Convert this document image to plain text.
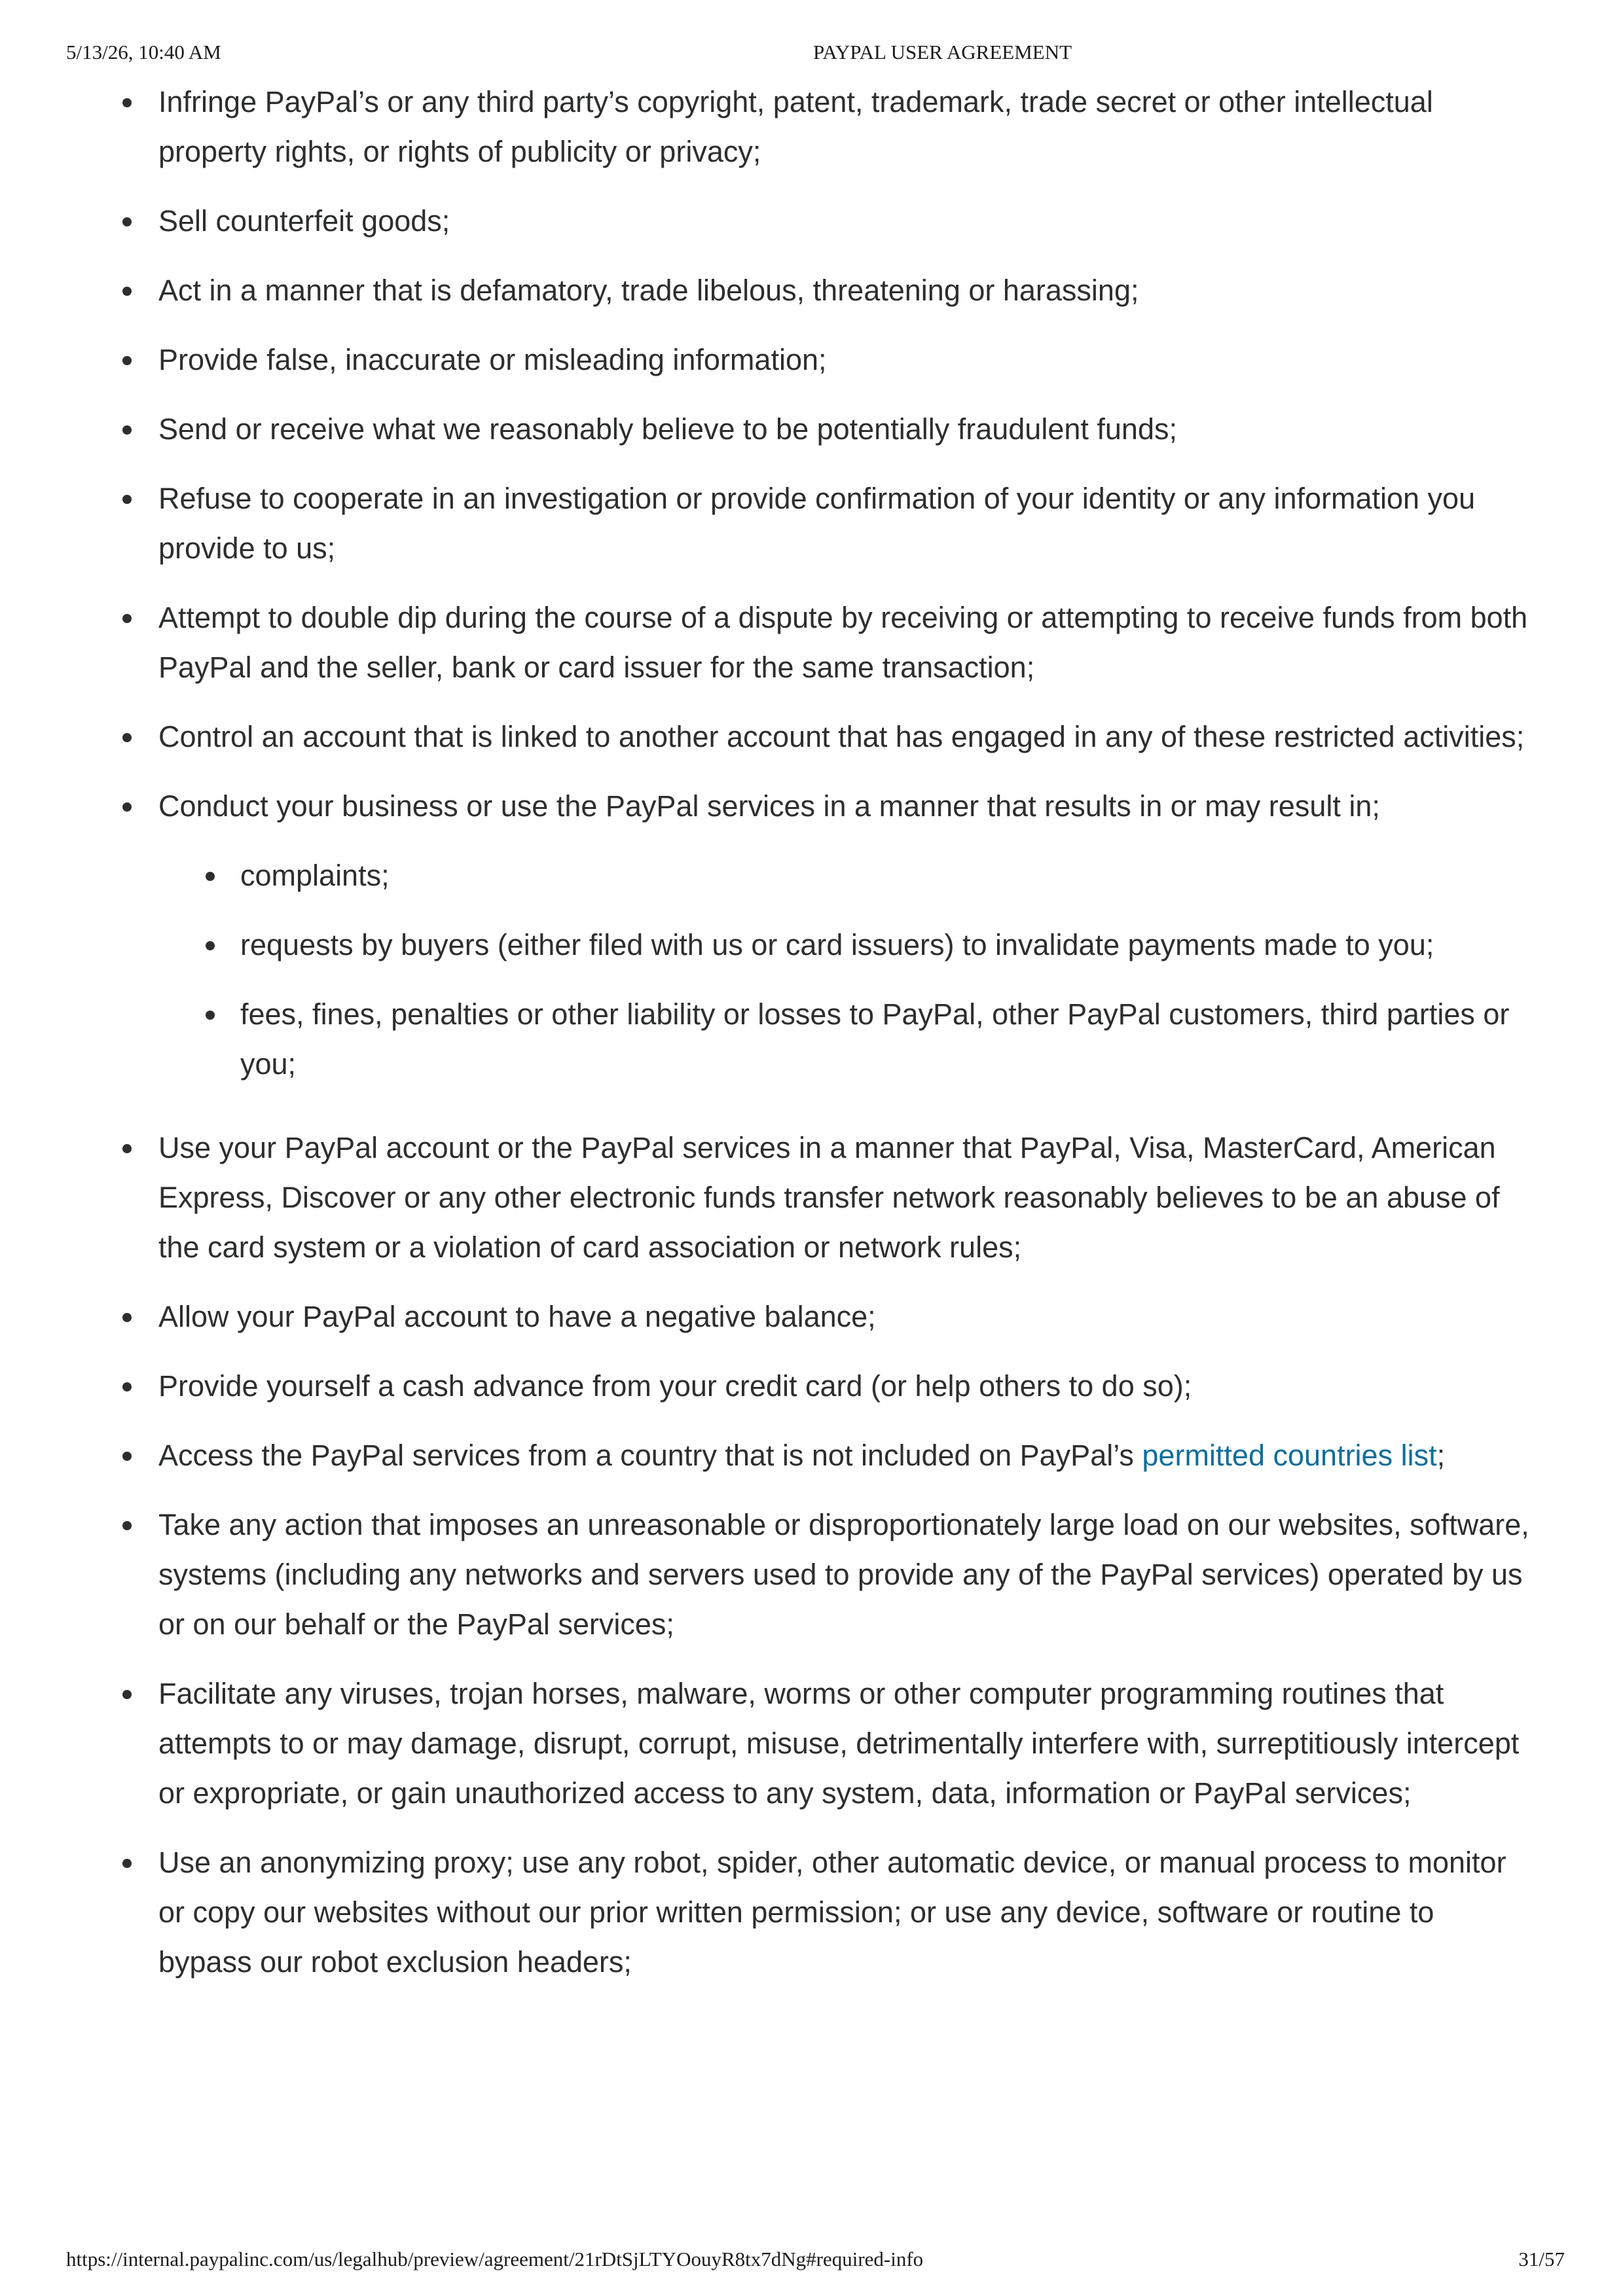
5/13/26, 10:40 AM	PAYPAL USER AGREEMENT
Infringe PayPal’s or any third party’s copyright, patent, trademark, trade secret or other intellectual property rights, or rights of publicity or privacy;
Sell counterfeit goods;
Act in a manner that is defamatory, trade libelous, threatening or harassing;
Provide false, inaccurate or misleading information;
Send or receive what we reasonably believe to be potentially fraudulent funds;
Refuse to cooperate in an investigation or provide confirmation of your identity or any information you provide to us;
Attempt to double dip during the course of a dispute by receiving or attempting to receive funds from both PayPal and the seller, bank or card issuer for the same transaction;
Control an account that is linked to another account that has engaged in any of these restricted activities;
Conduct your business or use the PayPal services in a manner that results in or may result in;
complaints;
requests by buyers (either filed with us or card issuers) to invalidate payments made to you;
fees, fines, penalties or other liability or losses to PayPal, other PayPal customers, third parties or you;
Use your PayPal account or the PayPal services in a manner that PayPal, Visa, MasterCard, American Express, Discover or any other electronic funds transfer network reasonably believes to be an abuse of the card system or a violation of card association or network rules;
Allow your PayPal account to have a negative balance;
Provide yourself a cash advance from your credit card (or help others to do so);
Access the PayPal services from a country that is not included on PayPal’s permitted countries list;
Take any action that imposes an unreasonable or disproportionately large load on our websites, software, systems (including any networks and servers used to provide any of the PayPal services) operated by us or on our behalf or the PayPal services;
Facilitate any viruses, trojan horses, malware, worms or other computer programming routines that attempts to or may damage, disrupt, corrupt, misuse, detrimentally interfere with, surreptitiously intercept or expropriate, or gain unauthorized access to any system, data, information or PayPal services;
Use an anonymizing proxy; use any robot, spider, other automatic device, or manual process to monitor or copy our websites without our prior written permission; or use any device, software or routine to bypass our robot exclusion headers;
https://internal.paypalinc.com/us/legalhub/preview/agreement/21rDtSjLTYOouyR8tx7dNg#required-info	31/57
